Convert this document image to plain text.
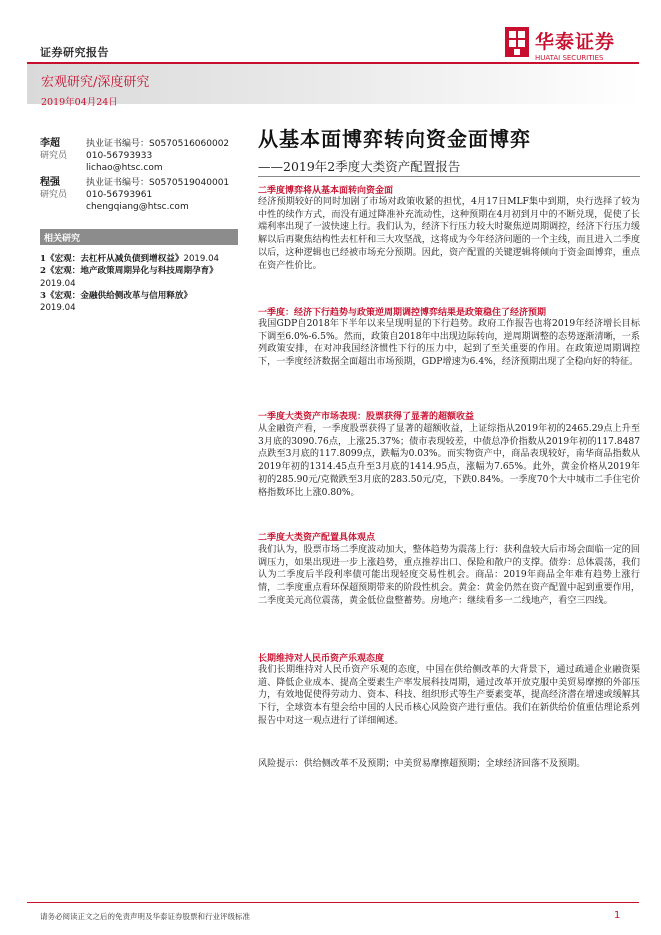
证券研究报告	华泰证券
HUATAI SECURITIES
宏观研究/深度研究
2019年04月24日
李超
研究员
执业证书编号：S0570516060002
010-56793933
lichao@htsc.com
程强
研究员
执业证书编号：S0570519040001
010-56793961
chengqiang@htsc.com
相关研究
1《宏观：去杠杆从减负债到增权益》2019.04
2《宏观：地产政策周期异化与科技周期孕育》
2019.04
3《宏观：金融供给侧改革与信用释放》
2019.04
从基本面博弈转向资金面博弈
——2019年2季度大类资产配置报告
二季度博弈将从基本面转向资金面
经济预期较好的同时加剧了市场对政策收紧的担忧，4月17日MLF集中到期，央行选择了较为中性的续作方式，而没有通过降准补充流动性，这种预期在4月初到月中的不断兑现，促使了长端利率出现了一波快速上行。我们认为，经济下行压力较大时聚焦逆周期调控，经济下行压力缓解以后再聚焦结构性去杠杆和三大攻坚战，这将成为今年经济问题的一个主线，而且进入二季度以后，这种逻辑也已经被市场充分预期。因此，资产配置的关键逻辑将倾向于资金面博弈，重点在资产性价比。
一季度：经济下行趋势与政策逆周期调控博弈结果是政策稳住了经济预期
我国GDP自2018年下半年以来呈现明显的下行趋势。政府工作报告也将2019年经济增长目标下调至6.0%-6.5%。然而，政策自2018年中出现边际转向，逆周期调整的态势逐渐清晰，一系列政策安排，在对冲我国经济惯性下行的压力中，起到了至关重要的作用。在政策逆周期调控下，一季度经济数据全面超出市场预期，GDP增速为6.4%，经济预期出现了全稳向好的特征。
一季度大类资产市场表现：股票获得了显著的超额收益
从金融资产看，一季度股票获得了显著的超额收益，上证综指从2019年初的2465.29点上升至3月底的3090.76点，上涨25.37%；债市表现较差，中债总净价指数从2019年初的117.8487点跌至3月底的117.8099点，跌幅为0.03%。而实物资产中，商品表现较好，南华商品指数从2019年初的1314.45点升至3月底的1414.95点，涨幅为7.65%。此外，黄金价格从2019年初的285.90元/克微跌至3月底的283.50元/克，下跌0.84%。一季度70个大中城市二手住宅价格指数环比上涨0.80%。
二季度大类资产配置具体观点
我们认为，股票市场二季度波动加大，整体趋势为震荡上行：获利盘较大后市场会面临一定的回调压力，如果出现进一步上涨趋势，重点推荐出口、保险和散户的支撑。债券：总体震荡，我们认为二季度后半段利率债可能出现轻度交易性机会。商品：2019年商品全年难有趋势上涨行情，二季度重点看环保超预期带来的阶段性机会。黄金：黄金仍然在资产配置中起到重要作用，二季度美元高位震荡，黄金低位盘整蓄势。房地产：继续看多一二线地产，看空三四线。
长期维持对人民币资产乐观态度
我们长期维持对人民币资产乐观的态度，中国在供给侧改革的大背景下，通过疏通企业融资渠道、降低企业成本、提高全要素生产率发展科技周期，通过改革开放克服中美贸易摩擦的外部压力，有效地促使得劳动力、资本、科技、组织形式等生产要素变革，提高经济潜在增速或缓解其下行，全球资本有望会给中国的人民币核心风险资产进行重估。我们在新供给价值重估理论系列报告中对这一观点进行了详细阐述。
风险提示：供给侧改革不及预期；中美贸易摩擦超预期；全球经济回落不及预期。
请务必阅读正文之后的免责声明及华泰证券股票和行业评级标准	1
